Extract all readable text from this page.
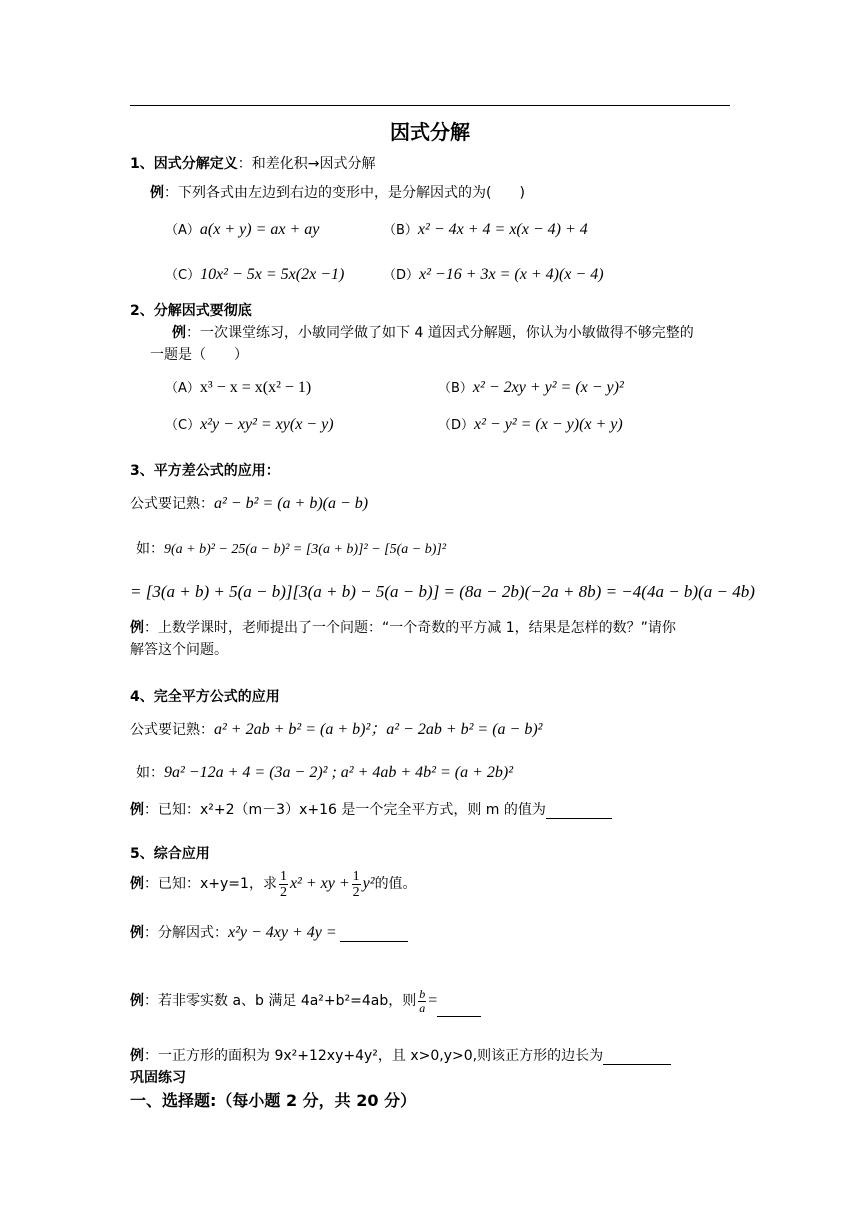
因式分解
1、因式分解定义：和差化积→因式分解
例：下列各式由左边到右边的变形中，是分解因式的为(　　)
（A）a(x + y) = ax + ay	（B）x² − 4x + 4 = x(x − 4) + 4
（C）10x² − 5x = 5x(2x −1)	（D）x² −16 + 3x = (x + 4)(x − 4)
2、分解因式要彻底
例：一次课堂练习，小敏同学做了如下 4 道因式分解题，你认为小敏做得不够完整的
一题是（　　）
（A）x³ − x = x(x² − 1)	（B）x² − 2xy + y² = (x − y)²
（C）x²y − xy² = xy(x − y)	（D）x² − y² = (x − y)(x + y)
3、平方差公式的应用：
公式要记熟：a² − b² = (a + b)(a − b)
如：9(a + b)² − 25(a − b)² = [3(a + b)]² − [5(a − b)]²
= [3(a + b) + 5(a − b)][3(a + b) − 5(a − b)] = (8a − 2b)(−2a + 8b) = −4(4a − b)(a − 4b)
例：上数学课时，老师提出了一个问题：“一个奇数的平方减 1，结果是怎样的数？”请你
解答这个问题。
4、完全平方公式的应用
公式要记熟：a² + 2ab + b² = (a + b)²；a² − 2ab + b² = (a − b)²
如：9a² −12a + 4 = (3a − 2)² ; a² + 4ab + 4b² = (a + 2b)²
例：已知：x²+2（m－3）x+16 是一个完全平方式，则 m 的值为
5、综合应用
例：已知：x+y=1，求 $\frac{1}{2} x^2$ + xy + $\frac{1}{2} y^2$的值。
例：分解因式：x²y − 4xy + 4y =
例：若非零实数 a、b 满足 4a²+b²=4ab，则 $\frac{b}{a}$ =
例：一正方形的面积为 9x²+12xy+4y²，且 x>0,y>0,则该正方形的边长为
巩固练习
一、选择题:（每小题 2 分，共 20 分）
